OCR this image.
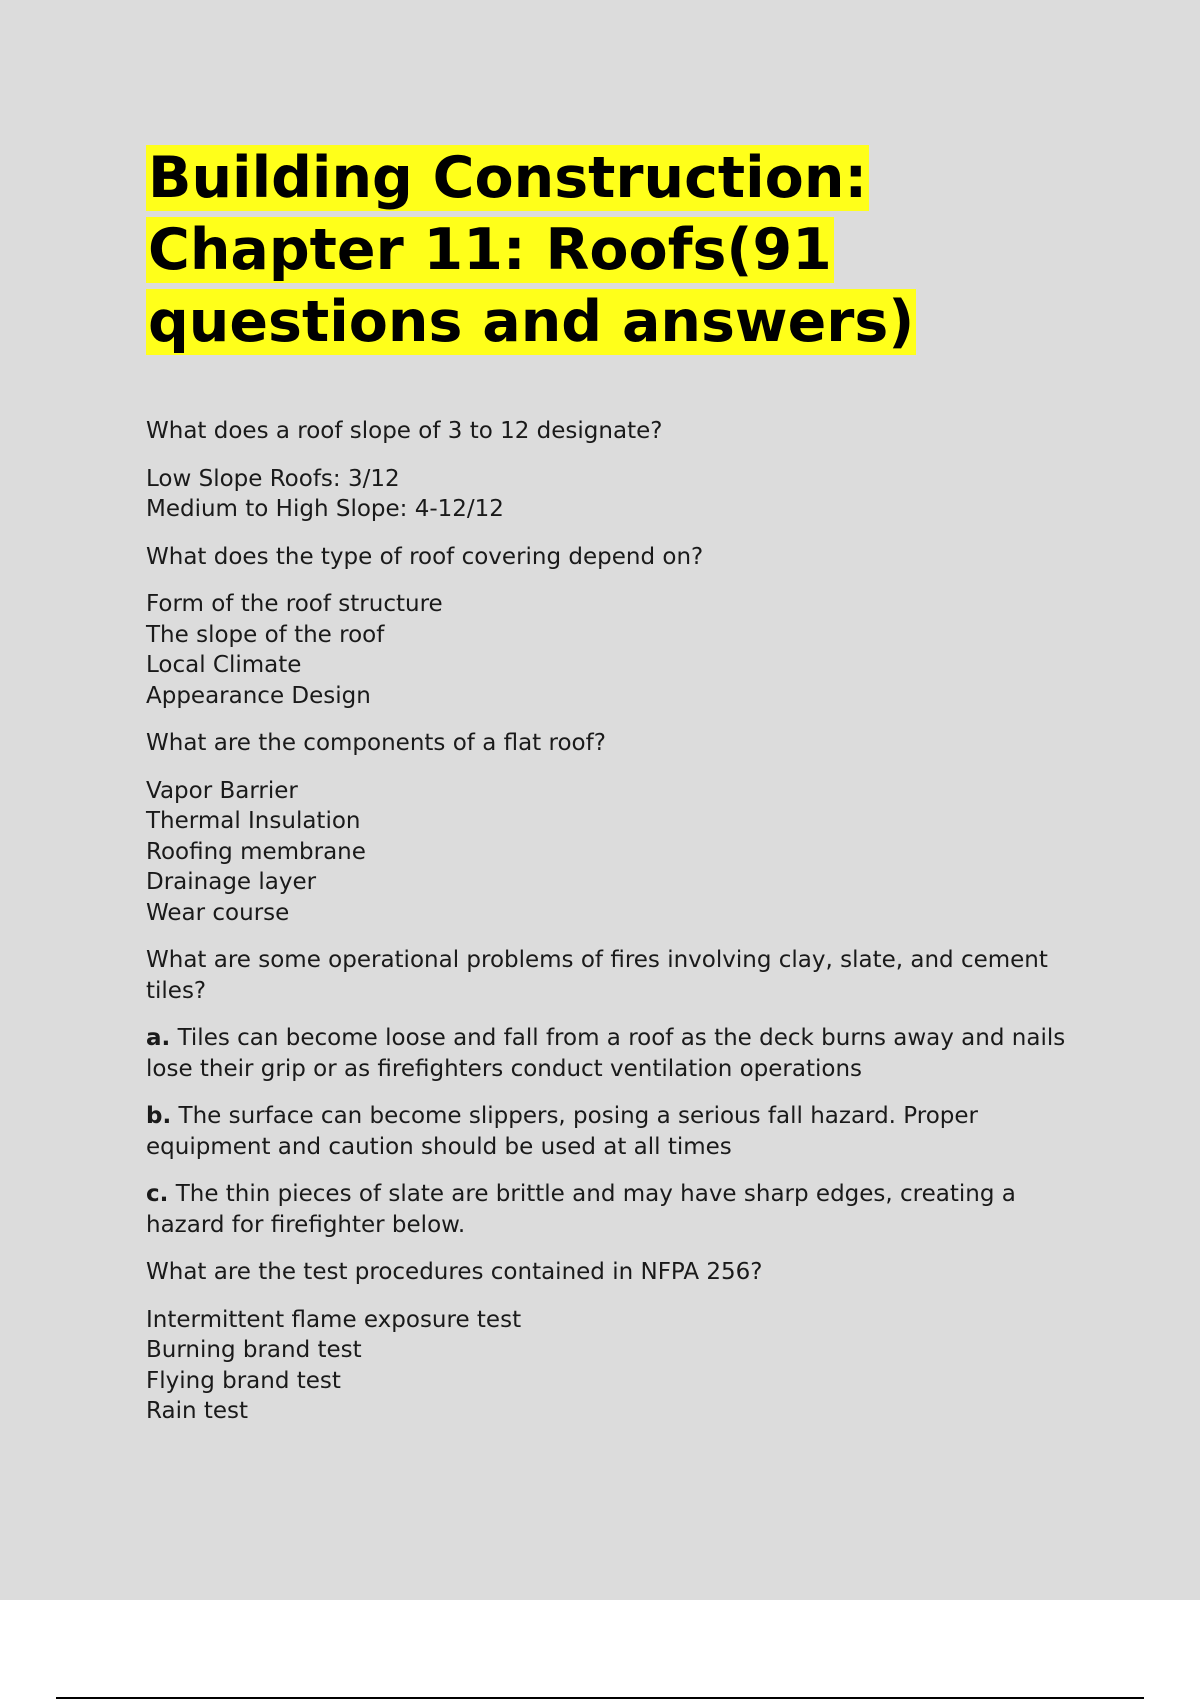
Building Construction: Chapter 11: Roofs(91 questions and answers)

What does a roof slope of 3 to 12 designate?

Low Slope Roofs: 3/12
Medium to High Slope: 4-12/12

What does the type of roof covering depend on?

Form of the roof structure
The slope of the roof
Local Climate
Appearance Design

What are the components of a flat roof?

Vapor Barrier
Thermal Insulation
Roofing membrane
Drainage layer
Wear course

What are some operational problems of fires involving clay, slate, and cement tiles?

a. Tiles can become loose and fall from a roof as the deck burns away and nails lose their grip or as firefighters conduct ventilation operations

b. The surface can become slippers, posing a serious fall hazard. Proper equipment and caution should be used at all times

c. The thin pieces of slate are brittle and may have sharp edges, creating a hazard for firefighter below.

What are the test procedures contained in NFPA 256?

Intermittent flame exposure test
Burning brand test
Flying brand test
Rain test
